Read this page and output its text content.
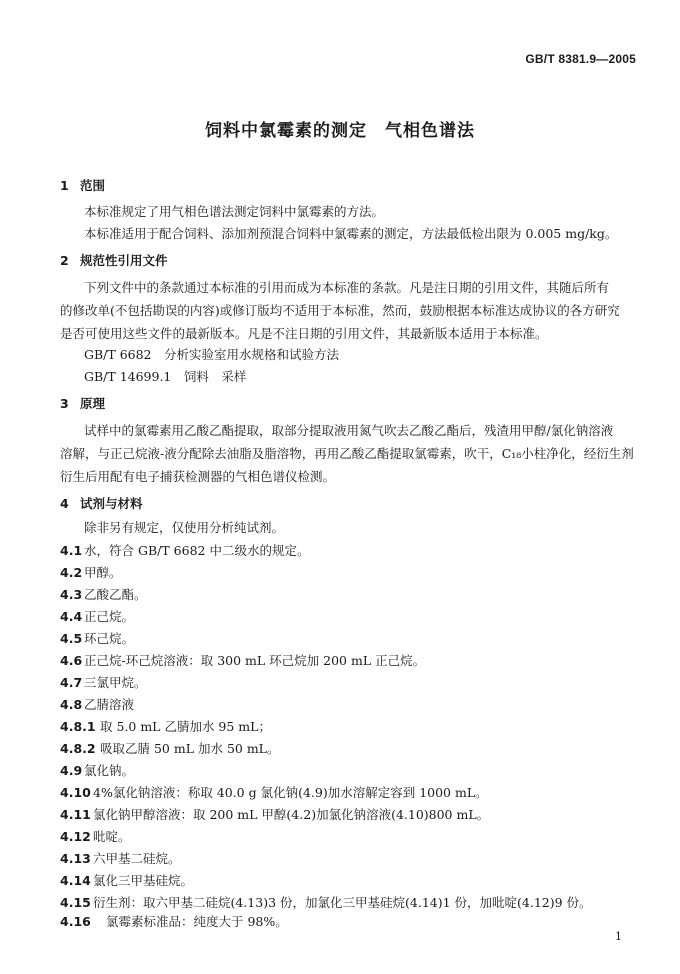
GB/T 8381.9—2005
饲料中氯霉素的测定　气相色谱法
1 范围
本标准规定了用气相色谱法测定饲料中氯霉素的方法。
本标准适用于配合饲料、添加剂预混合饲料中氯霉素的测定，方法最低检出限为 0.005 mg/kg。
2 规范性引用文件
下列文件中的条款通过本标准的引用而成为本标准的条款。凡是注日期的引用文件，其随后所有
的修改单(不包括勘误的内容)或修订版均不适用于本标准，然而，鼓励根据本标准达成协议的各方研究
是否可使用这些文件的最新版本。凡是不注日期的引用文件，其最新版本适用于本标准。
GB/T 6682　分析实验室用水规格和试验方法
GB/T 14699.1　饲料　采样
3 原理
试样中的氯霉素用乙酸乙酯提取，取部分提取液用氮气吹去乙酸乙酯后，残渣用甲醇/氯化钠溶液
溶解，与正己烷液-液分配除去油脂及脂溶物，再用乙酸乙酯提取氯霉素，吹干，C₁₈小柱净化，经衍生剂
衍生后用配有电子捕获检测器的气相色谱仪检测。
4 试剂与材料
除非另有规定，仅使用分析纯试剂。
4.1 水，符合 GB/T 6682 中二级水的规定。
4.2 甲醇。
4.3 乙酸乙酯。
4.4 正己烷。
4.5 环己烷。
4.6 正己烷-环己烷溶液：取 300 mL 环己烷加 200 mL 正己烷。
4.7 三氯甲烷。
4.8 乙腈溶液
4.8.1 取 5.0 mL 乙腈加水 95 mL；
4.8.2 吸取乙腈 50 mL 加水 50 mL。
4.9 氯化钠。
4.10 4%氯化钠溶液：称取 40.0 g 氯化钠(4.9)加水溶解定容到 1000 mL。
4.11 氯化钠甲醇溶液：取 200 mL 甲醇(4.2)加氯化钠溶液(4.10)800 mL。
4.12 吡啶。
4.13 六甲基二硅烷。
4.14 氯化三甲基硅烷。
4.15 衍生剂：取六甲基二硅烷(4.13)3 份，加氯化三甲基硅烷(4.14)1 份，加吡啶(4.12)9 份。
4.16 氯霉素标准品：纯度大于 98%。
1
